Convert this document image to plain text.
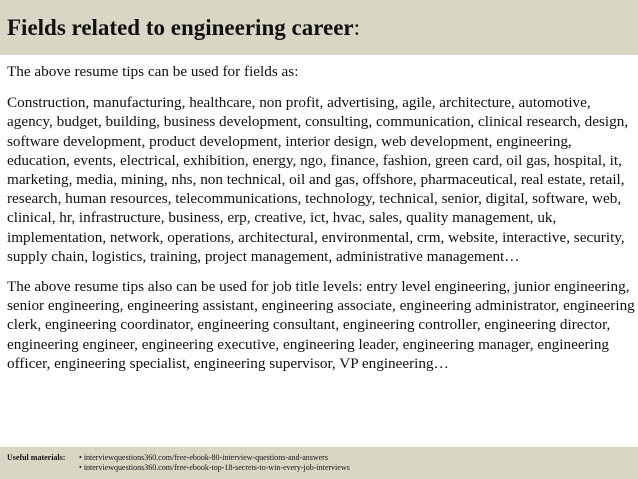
Fields related to engineering career:

The above resume tips can be used for fields as:

Construction, manufacturing, healthcare, non profit, advertising, agile, architecture, automotive, agency, budget, building, business development, consulting, communication, clinical research, design, software development, product development, interior design, web development, engineering, education, events, electrical, exhibition, energy, ngo, finance, fashion, green card, oil gas, hospital, it, marketing, media, mining, nhs, non technical, oil and gas, offshore, pharmaceutical, real estate, retail, research, human resources, telecommunications, technology, technical, senior, digital, software, web, clinical, hr, infrastructure, business, erp, creative, ict, hvac, sales, quality management, uk, implementation, network, operations, architectural, environmental, crm, website, interactive, security, supply chain, logistics, training, project management, administrative management…

The above resume tips also can be used for job title levels: entry level engineering, junior engineering, senior engineering, engineering assistant, engineering associate, engineering administrator, engineering clerk, engineering coordinator, engineering consultant, engineering controller, engineering director, engineering engineer, engineering executive, engineering leader, engineering manager, engineering officer, engineering specialist, engineering supervisor, VP engineering…

Useful materials:	• interviewquestions360.com/free-ebook-80-interview-questions-and-answers
• interviewquestions360.com/free-ebook-top-18-secrets-to-win-every-job-interviews
